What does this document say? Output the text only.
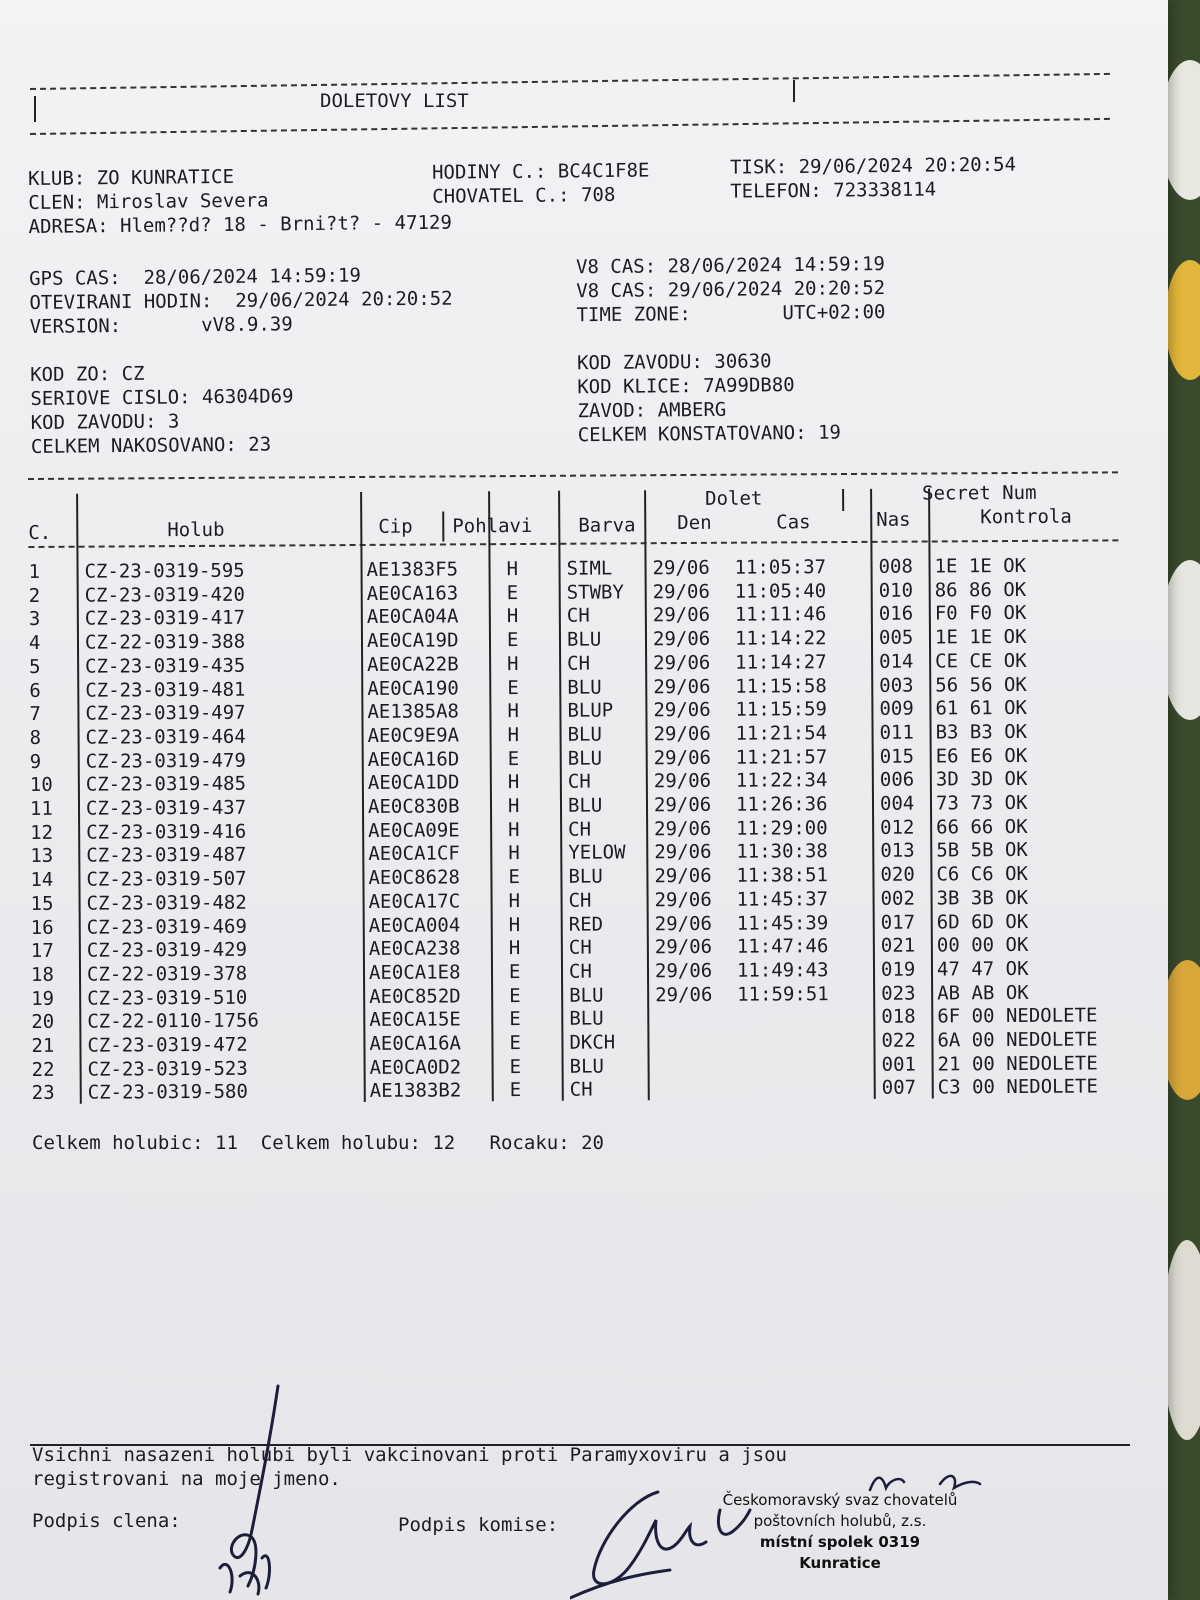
DOLETOVY LIST
KLUB: ZO KUNRATICE
CLEN: Miroslav Severa
ADRESA: Hlem??d? 18 - Brni?t? - 47129
HODINY C.: BC4C1F8E
CHOVATEL C.: 708
TISK: 29/06/2024 20:20:54
TELEFON: 723338114
GPS CAS:  28/06/2024 14:59:19
OTEVIRANI HODIN:  29/06/2024 20:20:52
VERSION:       vV8.9.39
V8 CAS: 28/06/2024 14:59:19
V8 CAS: 29/06/2024 20:20:52
TIME ZONE:        UTC+02:00
KOD ZO: CZ
SERIOVE CISLO: 46304D69
KOD ZAVODU: 3
CELKEM NAKOSOVANO: 23
KOD ZAVODU: 30630
KOD KLICE: 7A99DB80
ZAVOD: AMBERG
CELKEM KONSTATOVANO: 19
C.	Holub	Cip Pohlavi Barva
Dolet
Den	Cas	Nas
Secret Num
Kontrola
1 CZ-23-0319-595	AE1383F5	H	SIML 29/06 11:05:37	008 1E 1E OK
2 CZ-23-0319-420	AE0CA163	E	STWBY 29/06 11:05:40	010 86 86 OK
3 CZ-23-0319-417	AE0CA04A	H	CH	29/06 11:11:46	016 F0 F0 OK
4 CZ-22-0319-388	AE0CA19D	E	BLU	29/06 11:14:22	005 1E 1E OK
5 CZ-23-0319-435	AE0CA22B	H	CH	29/06 11:14:27	014 CE CE OK
6 CZ-23-0319-481	AE0CA190	E	BLU	29/06 11:15:58	003 56 56 OK
7 CZ-23-0319-497	AE1385A8	H	BLUP 29/06 11:15:59	009 61 61 OK
8 CZ-23-0319-464	AE0C9E9A	H	BLU	29/06 11:21:54	011 B3 B3 OK
9 CZ-23-0319-479	AE0CA16D	E	BLU	29/06 11:21:57	015 E6 E6 OK
10 CZ-23-0319-485	AE0CA1DD	H	CH	29/06 11:22:34	006 3D 3D OK
11 CZ-23-0319-437	AE0C830B	H	BLU	29/06 11:26:36	004 73 73 OK
12 CZ-23-0319-416	AE0CA09E	H	CH	29/06 11:29:00	012 66 66 OK
13 CZ-23-0319-487	AE0CA1CF	H	YELOW 29/06 11:30:38	013 5B 5B OK
14 CZ-23-0319-507	AE0C8628	E	BLU	29/06 11:38:51	020 C6 C6 OK
15 CZ-23-0319-482	AE0CA17C	H	CH	29/06 11:45:37	002 3B 3B OK
16 CZ-23-0319-469	AE0CA004	H	RED	29/06 11:45:39	017 6D 6D OK
17 CZ-23-0319-429	AE0CA238	H	CH	29/06 11:47:46	021 00 00 OK
18 CZ-22-0319-378	AE0CA1E8	E	CH	29/06 11:49:43	019 47 47 OK
19 CZ-23-0319-510	AE0C852D	E	BLU	29/06 11:59:51	023 AB AB OK
20 CZ-22-0110-1756	AE0CA15E	E	BLU	018 6F 00 NEDOLETE
21 CZ-23-0319-472	AE0CA16A	E	DKCH	022 6A 00 NEDOLETE
22 CZ-23-0319-523	AE0CA0D2	E	BLU	001 21 00 NEDOLETE
23 CZ-23-0319-580	AE1383B2	E	CH	007 C3 00 NEDOLETE
Celkem holubic: 11  Celkem holubu: 12   Rocaku: 20
Vsichni nasazeni holubi byli vakcinovani proti Paramyxoviru a jsou
registrovani na moje jmeno.
Podpis clena:	Podpis komise:
Českomoravský svaz chovatelů
poštovních holubů, z.s.
místní spolek 0319
Kunratice
